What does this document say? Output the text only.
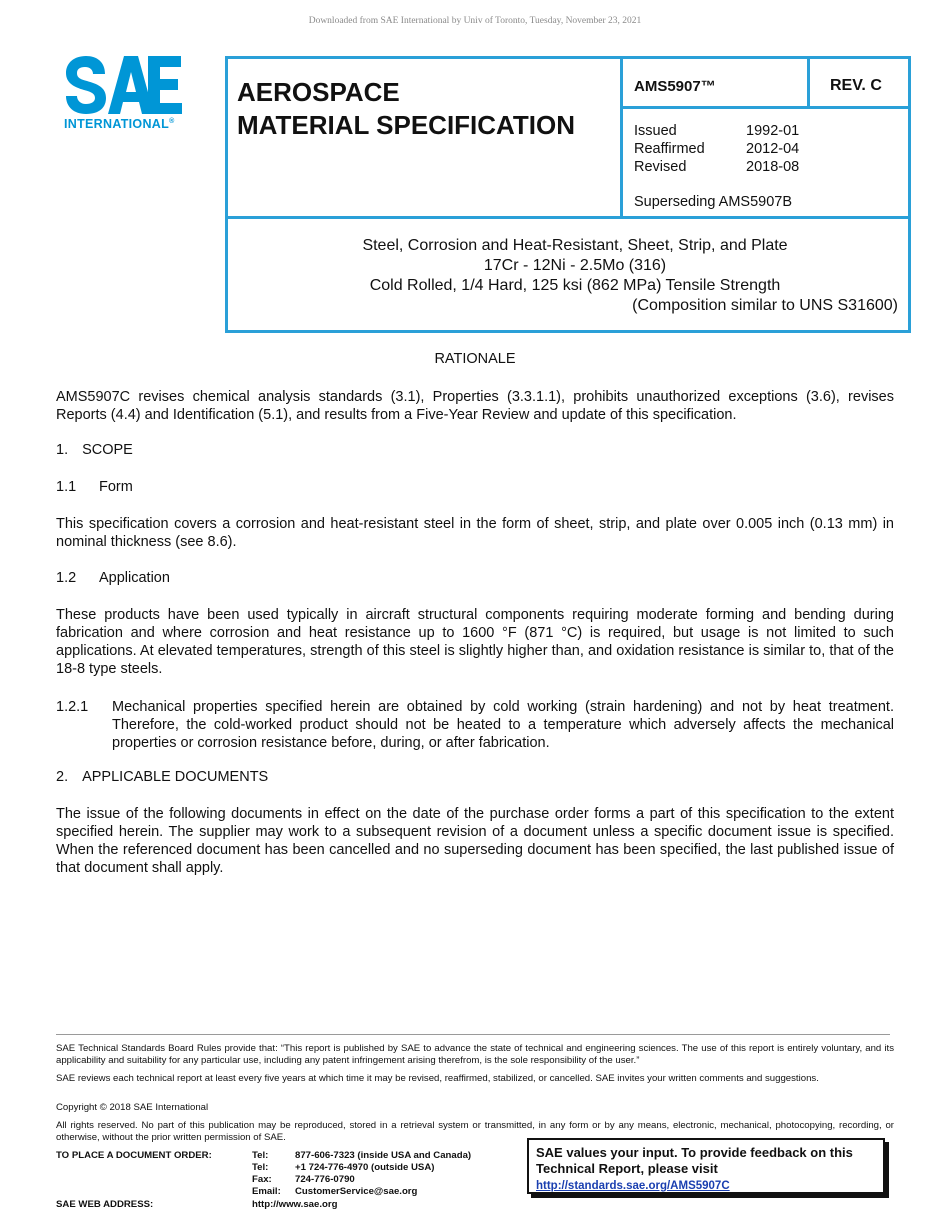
Downloaded from SAE International by Univ of Toronto, Tuesday, November 23, 2021
INTERNATIONAL®
AEROSPACE
MATERIAL SPECIFICATION
AMS5907™	REV. C
Issued	1992-01
Reaffirmed	2012-04
Revised	2018-08
Superseding AMS5907B
Steel, Corrosion and Heat-Resistant, Sheet, Strip, and Plate
17Cr - 12Ni - 2.5Mo (316)
Cold Rolled, 1/4 Hard, 125 ksi (862 MPa) Tensile Strength
(Composition similar to UNS S31600)
RATIONALE
AMS5907C revises chemical analysis standards (3.1), Properties (3.3.1.1), prohibits unauthorized exceptions (3.6), revises Reports (4.4) and Identification (5.1), and results from a Five-Year Review and update of this specification.
1. SCOPE
1.1 Form
This specification covers a corrosion and heat-resistant steel in the form of sheet, strip, and plate over 0.005 inch (0.13 mm) in nominal thickness (see 8.6).
1.2 Application
These products have been used typically in aircraft structural components requiring moderate forming and bending during fabrication and where corrosion and heat resistance up to 1600 °F (871 °C) is required, but usage is not limited to such applications. At elevated temperatures, strength of this steel is slightly higher than, and oxidation resistance is similar to, that of the 18-8 type steels.
1.2.1 Mechanical properties specified herein are obtained by cold working (strain hardening) and not by heat treatment. Therefore, the cold-worked product should not be heated to a temperature which adversely affects the mechanical properties or corrosion resistance before, during, or after fabrication.
2. APPLICABLE DOCUMENTS
The issue of the following documents in effect on the date of the purchase order forms a part of this specification to the extent specified herein. The supplier may work to a subsequent revision of a document unless a specific document issue is specified. When the referenced document has been cancelled and no superseding document has been specified, the last published issue of that document shall apply.
SAE Technical Standards Board Rules provide that: “This report is published by SAE to advance the state of technical and engineering sciences. The use of this report is entirely voluntary, and its applicability and suitability for any particular use, including any patent infringement arising therefrom, is the sole responsibility of the user.”
SAE reviews each technical report at least every five years at which time it may be revised, reaffirmed, stabilized, or cancelled. SAE invites your written comments and suggestions.
Copyright © 2018 SAE International
All rights reserved. No part of this publication may be reproduced, stored in a retrieval system or transmitted, in any form or by any means, electronic, mechanical, photocopying, recording, or otherwise, without the prior written permission of SAE.
TO PLACE A DOCUMENT ORDER:	Tel:	877-606-7323 (inside USA and Canada)
Tel:	+1 724-776-4970 (outside USA)
Fax: 724-776-0790
Email: CustomerService@sae.org
SAE WEB ADDRESS:	http://www.sae.org
SAE values your input. To provide feedback on this
Technical Report, please visit
http://standards.sae.org/AMS5907C
